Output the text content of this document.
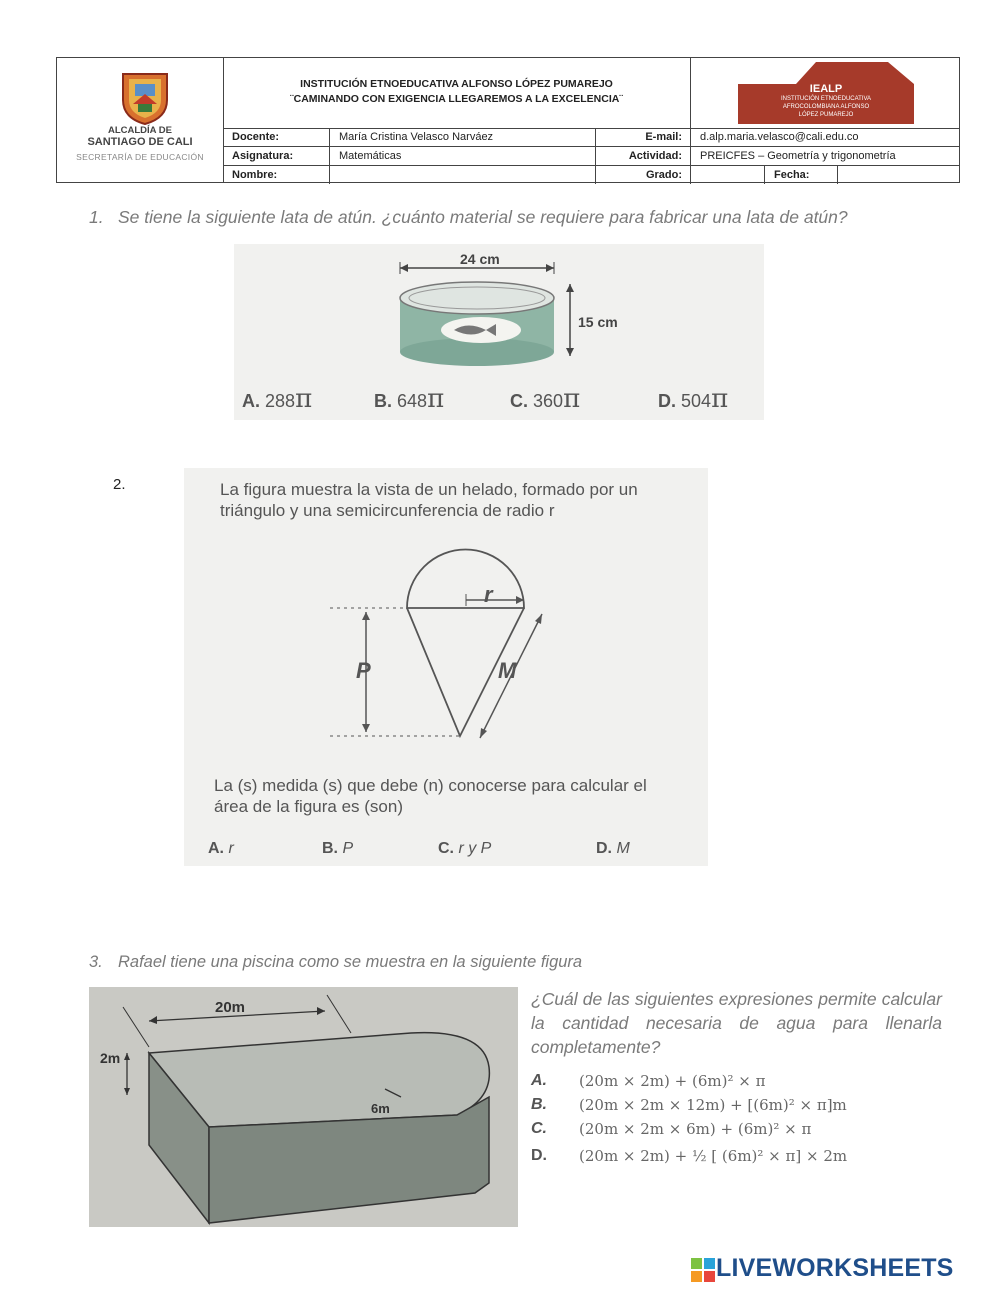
ALCALDÍA DE
SANTIAGO DE CALI
SECRETARÍA DE EDUCACIÓN
INSTITUCIÓN ETNOEDUCATIVA ALFONSO LÓPEZ PUMAREJO
¨CAMINANDO CON EXIGENCIA LLEGAREMOS A LA EXCELENCIA¨
IEALP
INSTITUCIÓN ETNOEDUCATIVA
AFROCOLOMBIANA ALFONSO
LÓPEZ PUMAREJO
Docente:	María Cristina Velasco Narváez	E-mail:	d.alp.maria.velasco@cali.edu.co
Asignatura:	Matemáticas	Actividad:	PREICFES – Geometría y trigonometría
Nombre:	Grado:	Fecha:
1. Se tiene la siguiente lata de atún. ¿cuánto material se requiere para fabricar una lata de atún?
24 cm
15 cm
A. 288π	B. 648π	C. 360π	D. 504π
2.	La figura muestra la vista de un helado, formado por un
triángulo y una semicircunferencia de radio r
r
P	M
La (s) medida (s) que debe (n) conocerse para calcular el
área de la figura es (son)
A. r	B. P	C. r y P	D. M
3. Rafael tiene una piscina como se muestra en la siguiente figura
20m
2m
6m
¿Cuál de las siguientes expresiones permite calcular la cantidad necesaria de agua para llenarla completamente?
A. (20m × 2m) + (6m)² × π
B. (20m × 2m × 12m) + [(6m)² × π]m
C. (20m × 2m × 6m) + (6m)² × π
D. (20m × 2m) + ½ [ (6m)² × π] × 2m
LIVEWORKSHEETS
